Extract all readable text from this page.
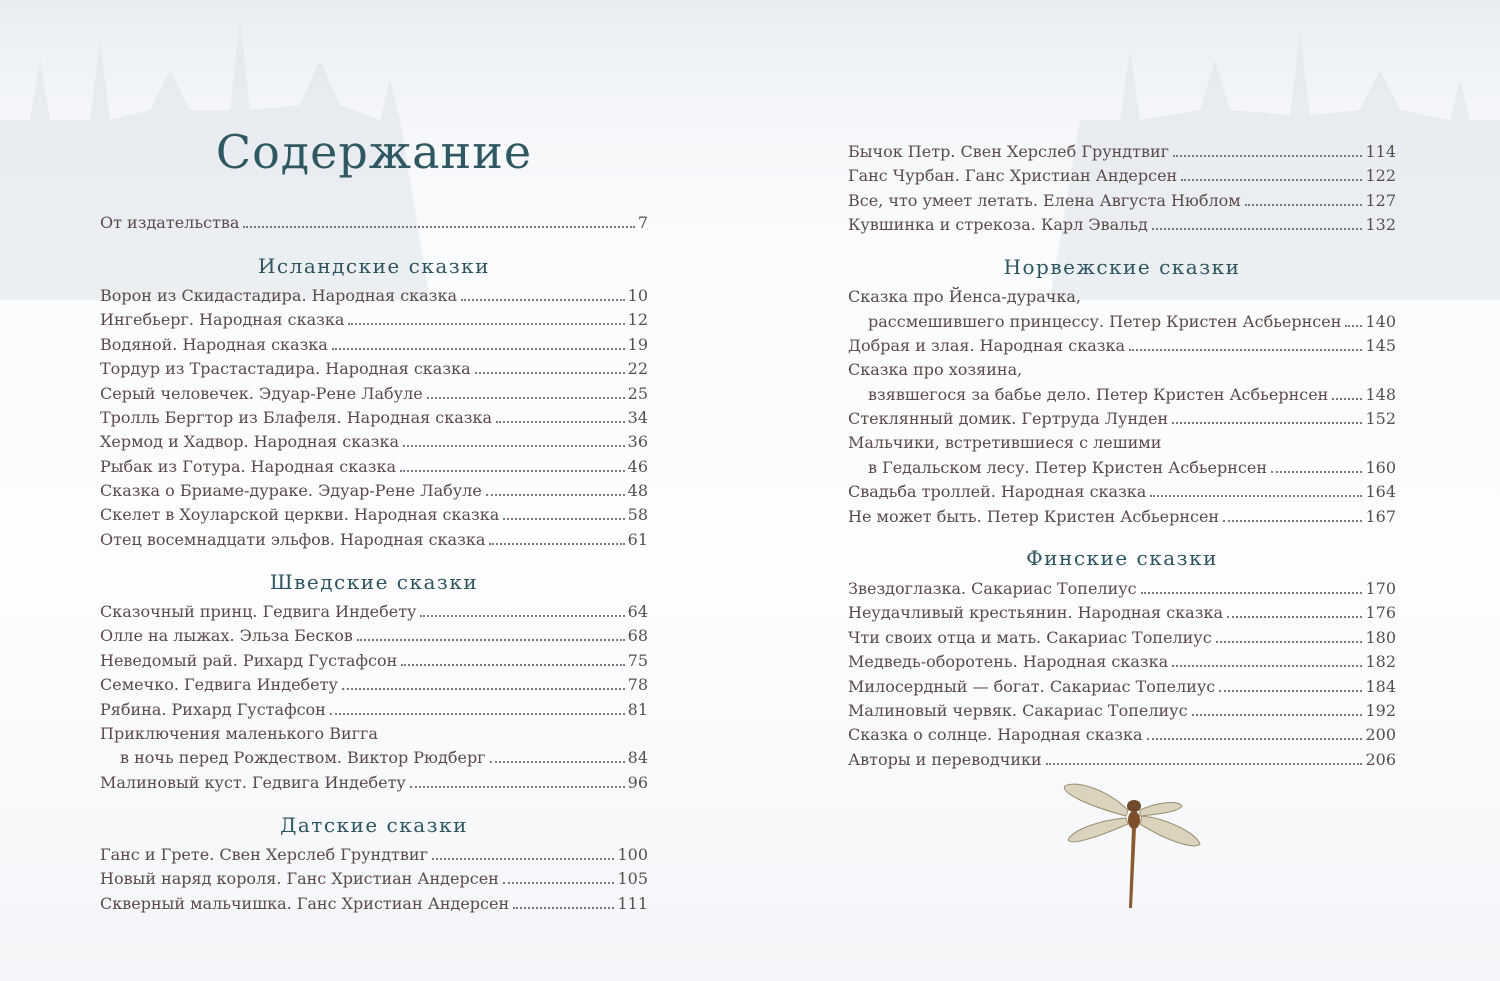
Содержание
От издательства	7
Исландские сказки
Ворон из Скидастадира. Народная сказка	10
Ингебьерг. Народная сказка	12
Водяной. Народная сказка	19
Тордур из Трастастадира. Народная сказка	22
Серый человечек. Эдуар-Рене Лабуле	25
Тролль Бергтор из Блафеля. Народная сказка	34
Хермод и Хадвор. Народная сказка	36
Рыбак из Готура. Народная сказка	46
Сказка о Бриаме-дураке. Эдуар-Рене Лабуле	48
Скелет в Хоуларской церкви. Народная сказка	58
Отец восемнадцати эльфов. Народная сказка	61
Шведские сказки
Сказочный принц. Гедвига Индебету	64
Олле на лыжах. Эльза Бесков	68
Неведомый рай. Рихард Густафсон	75
Семечко. Гедвига Индебету	78
Рябина. Рихард Густафсон	81
Приключения маленького Вигга
в ночь перед Рождеством. Виктор Рюдберг	84
Малиновый куст. Гедвига Индебету	96
Датские сказки
Ганс и Грете. Свен Херслеб Грундтвиг	100
Новый наряд короля. Ганс Христиан Андерсен	105
Скверный мальчишка. Ганс Христиан Андерсен	111
Бычок Петр. Свен Херслеб Грундтвиг	114
Ганс Чурбан. Ганс Христиан Андерсен	122
Все, что умеет летать. Елена Августа Нюблом	127
Кувшинка и стрекоза. Карл Эвальд	132
Норвежские сказки
Сказка про Йенса-дурачка,
рассмешившего принцессу. Петер Кристен Асбьернсен 140
Добрая и злая. Народная сказка	145
Сказка про хозяина,
взявшегося за бабье дело. Петер Кристен Асбьернсен 148
Стеклянный домик. Гертруда Лунден	152
Мальчики, встретившиеся с лешими
в Гедальском лесу. Петер Кристен Асбьернсен	160
Свадьба троллей. Народная сказка	164
Не может быть. Петер Кристен Асбьернсен	167
Финские сказки
Звездоглазка. Сакариас Топелиус	170
Неудачливый крестьянин. Народная сказка	176
Чти своих отца и мать. Сакариас Топелиус	180
Медведь-оборотень. Народная сказка	182
Милосердный — богат. Сакариас Топелиус	184
Малиновый червяк. Сакариас Топелиус	192
Сказка о солнце. Народная сказка	200
Авторы и переводчики	206
